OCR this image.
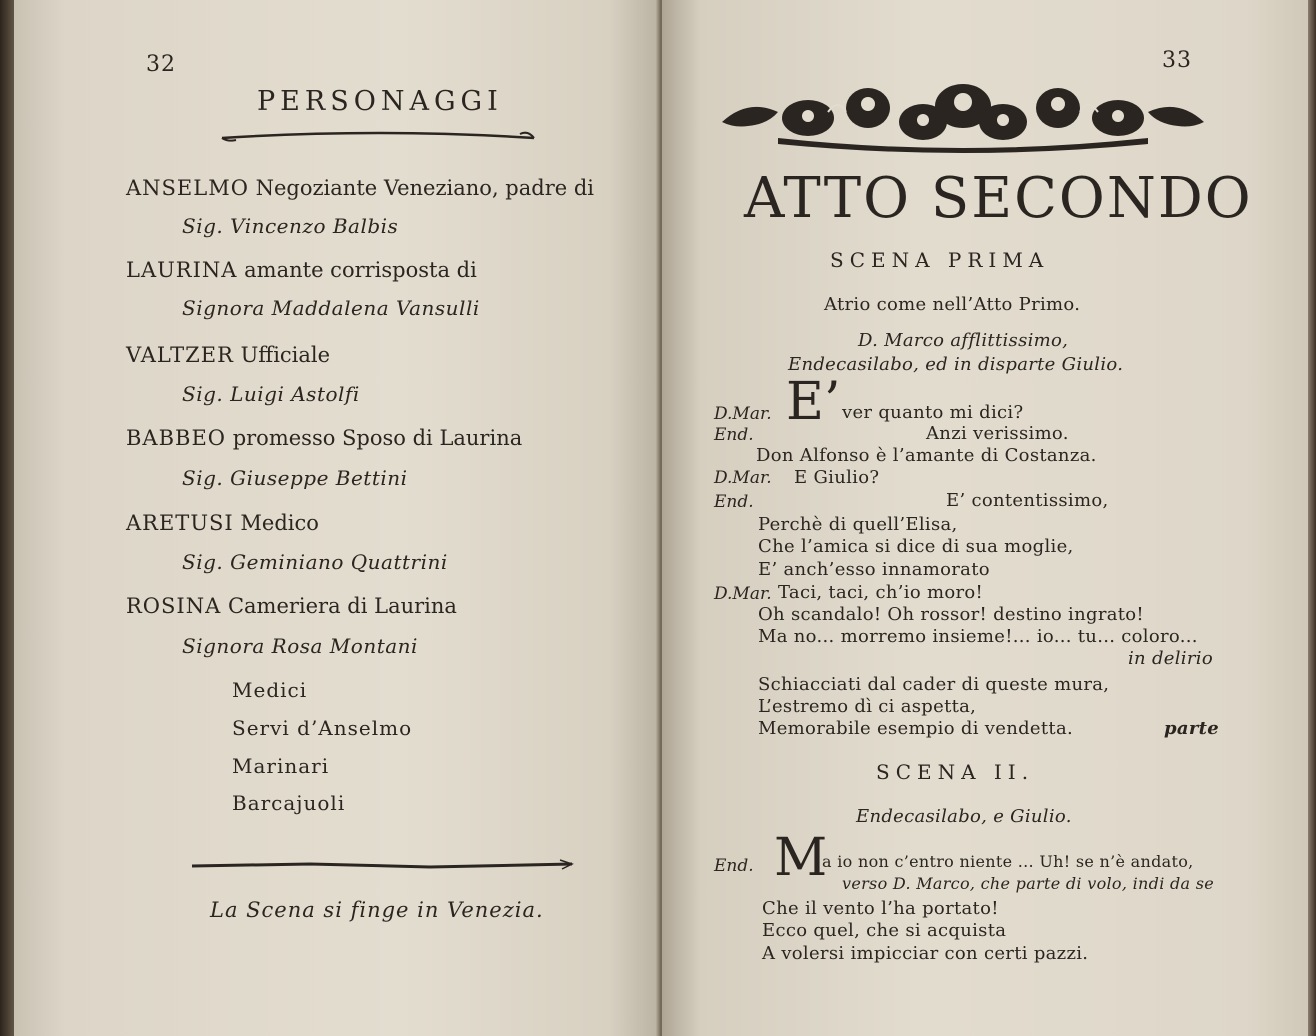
32
PERSONAGGI
ANSELMO Negoziante Veneziano, padre di
Sig. Vincenzo Balbis
LAURINA amante corrisposta di
Signora Maddalena Vansulli
VALTZER Ufficiale
Sig. Luigi Astolfi
BABBEO promesso Sposo di Laurina
Sig. Giuseppe Bettini
ARETUSI Medico
Sig. Geminiano Quattrini
ROSINA Cameriera di Laurina
Signora Rosa Montani
Medici
Servi d’Anselmo
Marinari
Barcajuoli
La Scena si finge in Venezia.
33
ATTO SECONDO
SCENA PRIMA
Atrio come nell’Atto Primo.
D. Marco afflittissimo,
Endecasilabo, ed in disparte Giulio.
D.Mar. E’ ver quanto mi dici?
End.	Anzi verissimo.
Don Alfonso è l’amante di Costanza.
D.Mar. E Giulio?
End.	E’ contentissimo,
Perchè di quell’Elisa,
Che l’amica si dice di sua moglie,
E’ anch’esso innamorato
D.Mar. Taci, taci, ch’io moro!
Oh scandalo! Oh rossor! destino ingrato!
Ma no... morremo insieme!... io... tu... coloro...
in delirio
Schiacciati dal cader di queste mura,
L’estremo dì ci aspetta,
Memorabile esempio di vendetta.	parte
SCENA II.
Endecasilabo, e Giulio.
End. M
a io non c’entro niente ... Uh! se n’è andato,
verso D. Marco, che parte di volo, indi da se
Che il vento l’ha portato!
Ecco quel, che si acquista
A volersi impicciar con certi pazzi.
